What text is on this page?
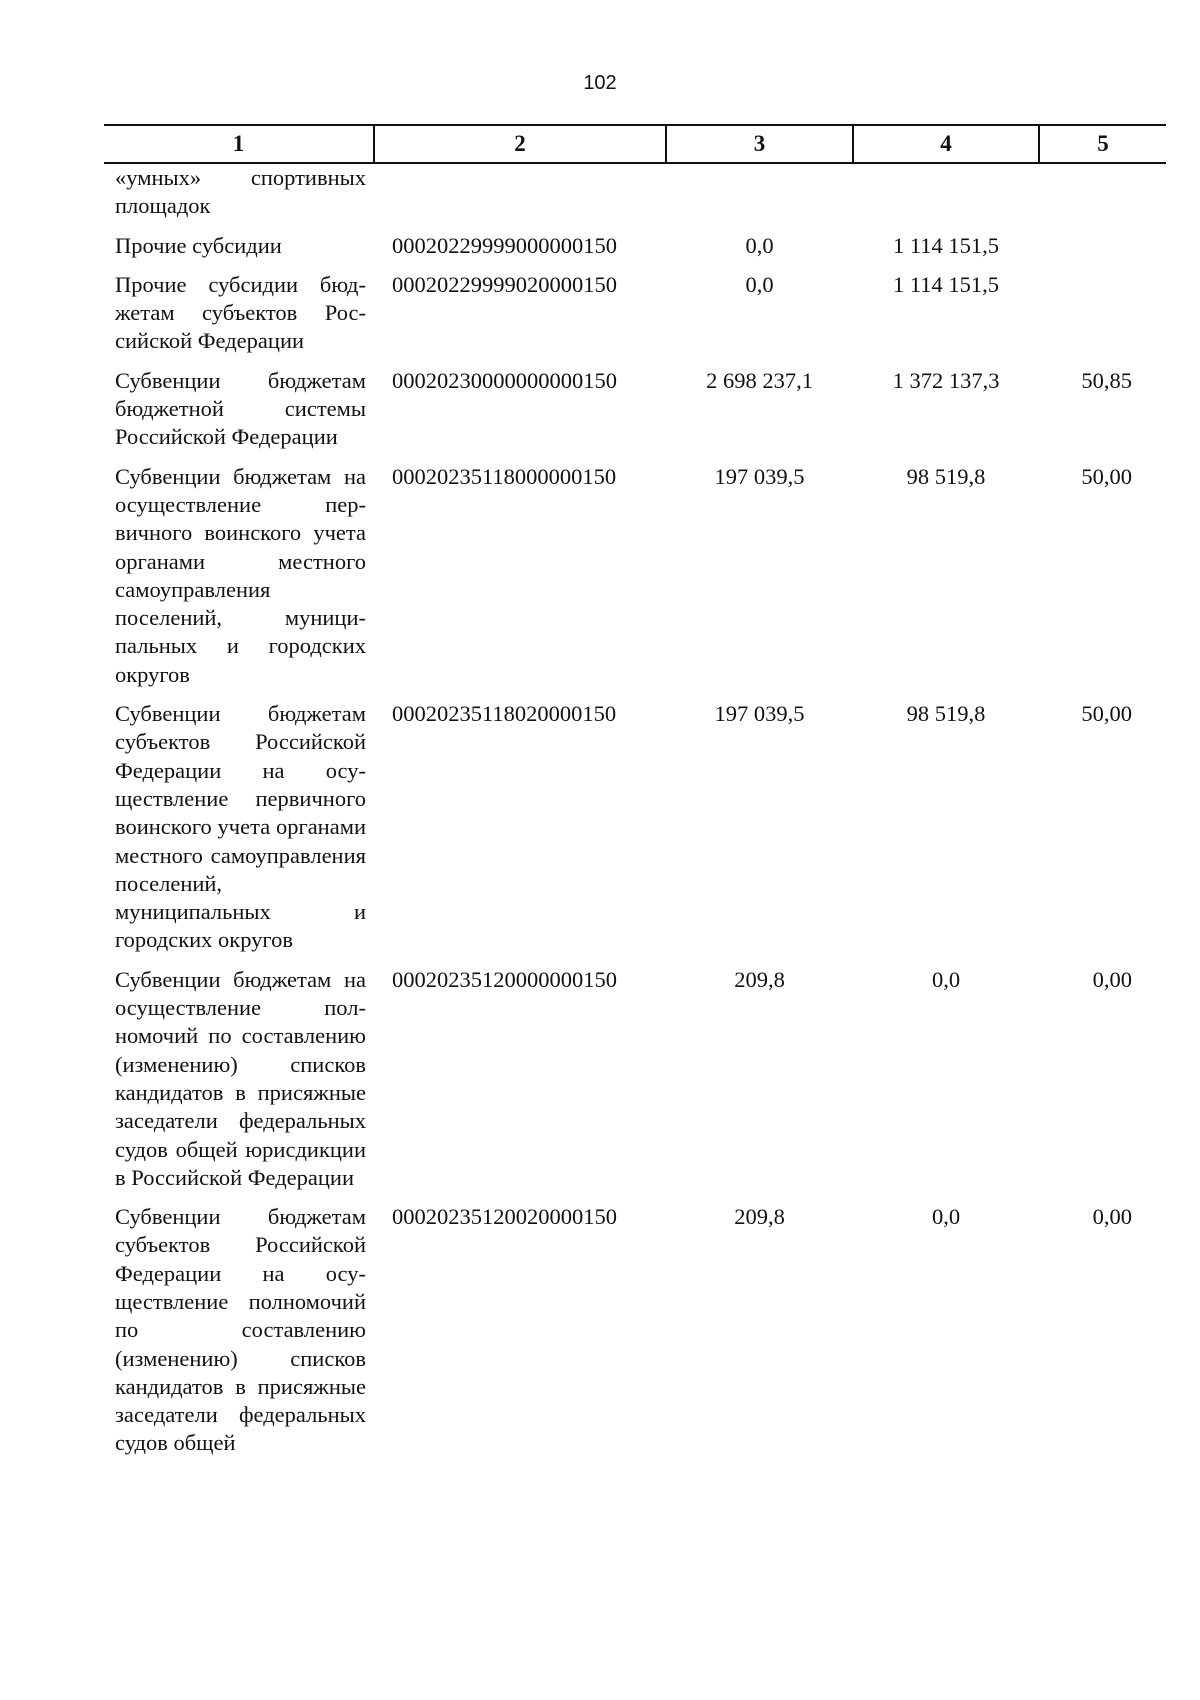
102
1	2	3	4	5
«умных» спортивных площадок				
Прочие субсидии	00020229999000000150	0,0	1 114 151,5	
Прочие субсидии бюджетам субъектов Российской Федерации	00020229999020000150	0,0	1 114 151,5	
Субвенции бюджетам бюджетной системы Российской Федерации	00020230000000000150	2 698 237,1	1 372 137,3	50,85
Субвенции бюджетам на осуществление первичного воинского учета органами местного самоуправления поселений, муниципальных и городских округов	00020235118000000150	197 039,5	98 519,8	50,00
Субвенции бюджетам субъектов Российской Федерации на осуществление первичного воинского учета органами местного самоуправления поселений, муниципальных и городских округов	00020235118020000150	197 039,5	98 519,8	50,00
Субвенции бюджетам на осуществление полномочий по составлению (изменению) списков кандидатов в присяжные заседатели федеральных судов общей юрисдикции в Российской Федерации	00020235120000000150	209,8	0,0	0,00
Субвенции бюджетам субъектов Российской Федерации на осуществление полномочий по составлению (изменению) списков кандидатов в присяжные заседатели федеральных судов общей	00020235120020000150	209,8	0,0	0,00
